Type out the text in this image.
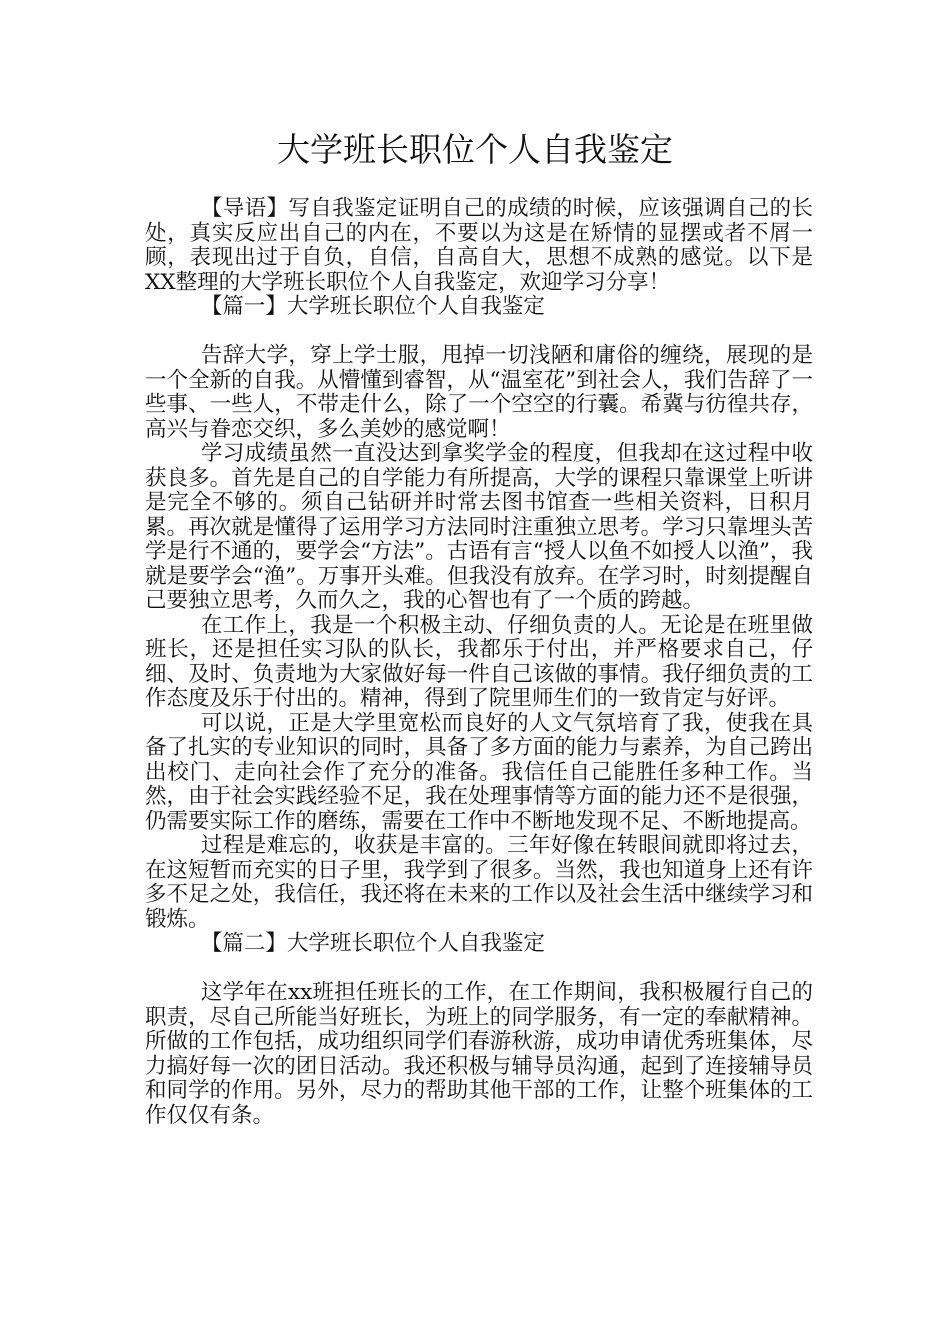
大学班长职位个人自我鉴定

【导语】写自我鉴定证明自己的成绩的时候，应该强调自己的长处，真实反应出自己的内在，不要以为这是在矫情的显摆或者不屑一顾，表现出过于自负，自信，自高自大，思想不成熟的感觉。以下是XX整理的大学班长职位个人自我鉴定，欢迎学习分享！

【篇一】大学班长职位个人自我鉴定

告辞大学，穿上学士服，甩掉一切浅陋和庸俗的缠绕，展现的是一个全新的自我。从懵懂到睿智，从“温室花”到社会人，我们告辞了一些事、一些人，不带走什么，除了一个空空的行囊。希冀与彷徨共存，高兴与眷恋交织，多么美妙的感觉啊！

学习成绩虽然一直没达到拿奖学金的程度，但我却在这过程中收获良多。首先是自己的自学能力有所提高，大学的课程只靠课堂上听讲是完全不够的。须自己钻研并时常去图书馆查一些相关资料，日积月累。再次就是懂得了运用学习方法同时注重独立思考。学习只靠埋头苦学是行不通的，要学会“方法”。古语有言“授人以鱼不如授人以渔”，我就是要学会“渔”。万事开头难。但我没有放弃。在学习时，时刻提醒自己要独立思考，久而久之，我的心智也有了一个质的跨越。

在工作上，我是一个积极主动、仔细负责的人。无论是在班里做班长，还是担任实习队的队长，我都乐于付出，并严格要求自己，仔细、及时、负责地为大家做好每一件自己该做的事情。我仔细负责的工作态度及乐于付出的。精神，得到了院里师生们的一致肯定与好评。

可以说，正是大学里宽松而良好的人文气氛培育了我，使我在具备了扎实的专业知识的同时，具备了多方面的能力与素养，为自己跨出出校门、走向社会作了充分的准备。我信任自己能胜任多种工作。当然，由于社会实践经验不足，我在处理事情等方面的能力还不是很强，仍需要实际工作的磨练，需要在工作中不断地发现不足、不断地提高。

过程是难忘的，收获是丰富的。三年好像在转眼间就即将过去，在这短暂而充实的日子里，我学到了很多。当然，我也知道身上还有许多不足之处，我信任，我还将在未来的工作以及社会生活中继续学习和锻炼。

【篇二】大学班长职位个人自我鉴定

这学年在xx班担任班长的工作，在工作期间，我积极履行自己的职责，尽自己所能当好班长，为班上的同学服务，有一定的奉献精神。所做的工作包括，成功组织同学们春游秋游，成功申请优秀班集体，尽力搞好每一次的团日活动。我还积极与辅导员沟通，起到了连接辅导员和同学的作用。另外，尽力的帮助其他干部的工作，让整个班集体的工作仅仅有条。
